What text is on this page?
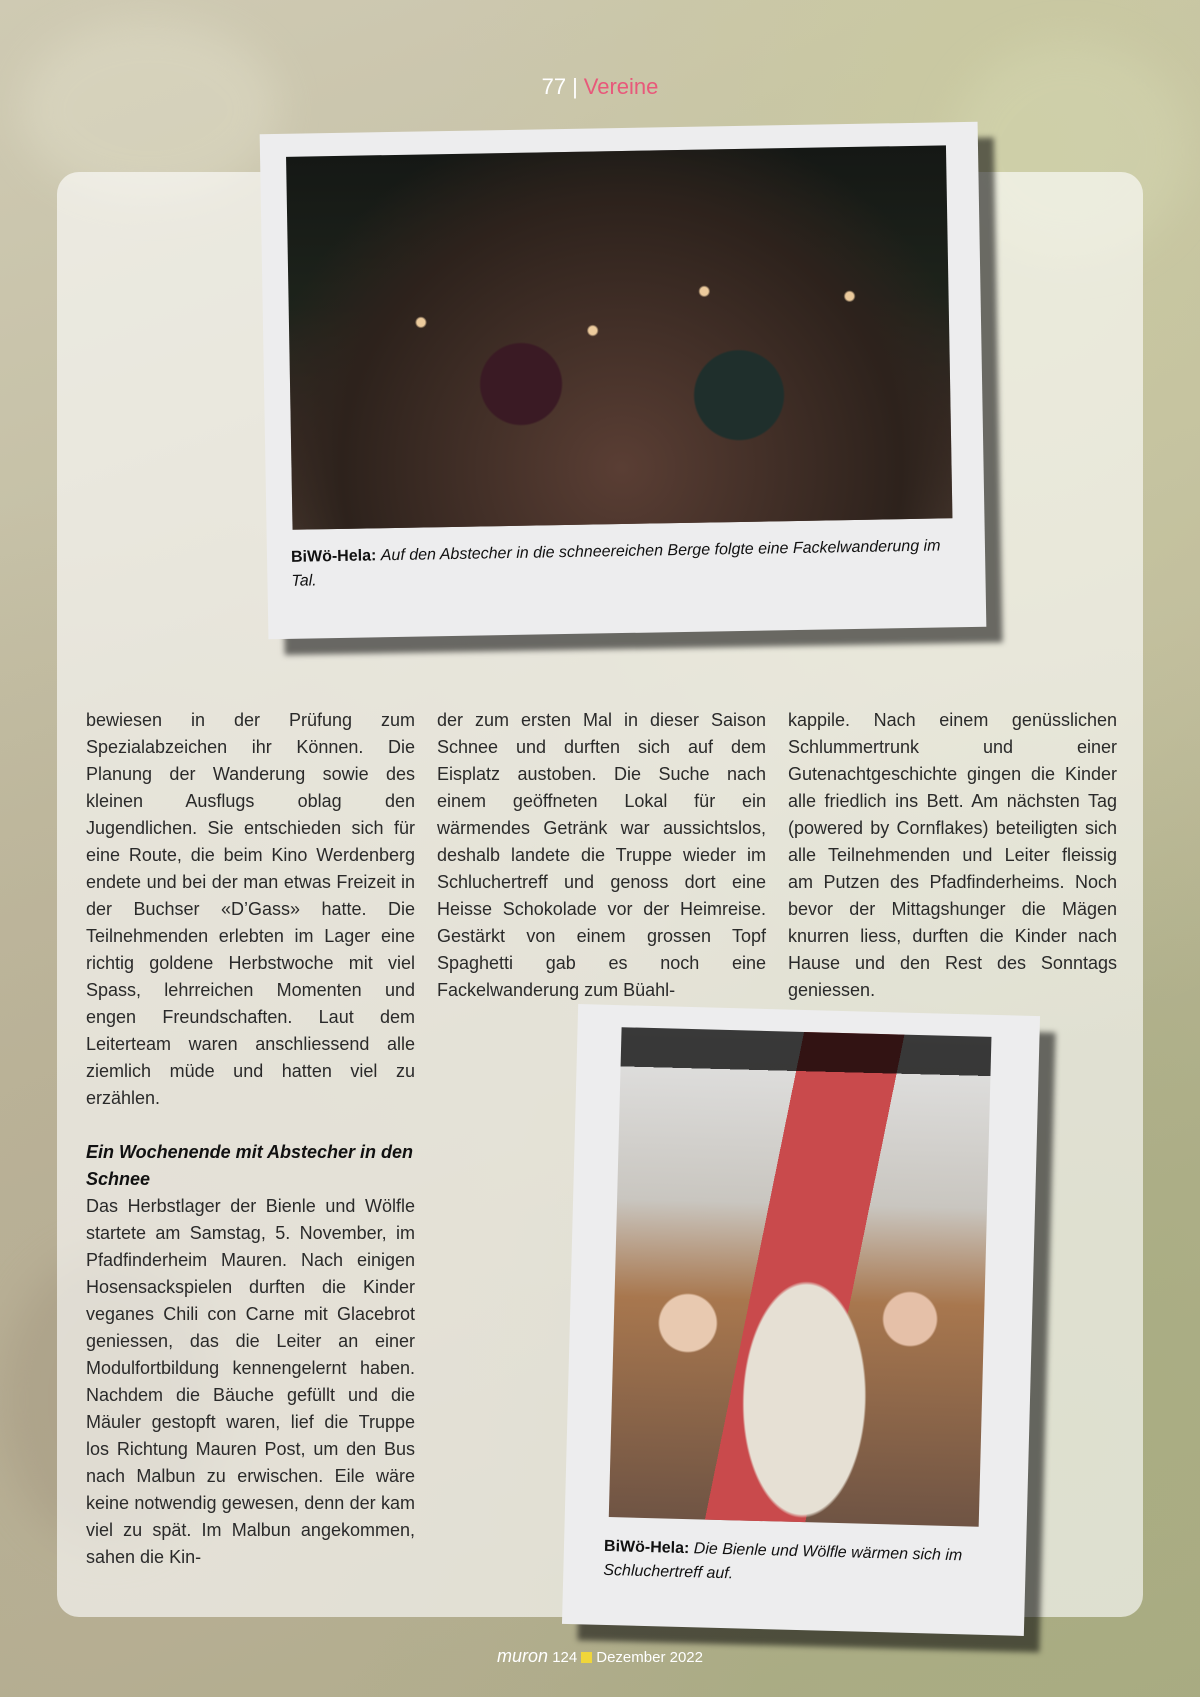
77 | Vereine
BiWö-Hela: Auf den Abstecher in die schneereichen Berge folgte eine Fackelwanderung im Tal.
bewiesen in der Prüfung zum Spezialabzeichen ihr Können. Die Planung der Wanderung sowie des kleinen Ausflugs oblag den Jugendlichen. Sie entschieden sich für eine Route, die beim Kino Werdenberg endete und bei der man etwas Freizeit in der Buchser «D’Gass» hatte. Die Teilnehmenden erlebten im Lager eine richtig goldene Herbstwoche mit viel Spass, lehrreichen Momenten und engen Freundschaften. Laut dem Leiterteam waren anschliessend alle ziemlich müde und hatten viel zu erzählen.
Ein Wochenende mit Abstecher in den Schnee
Das Herbstlager der Bienle und Wölfle startete am Samstag, 5. November, im Pfadfinderheim Mauren. Nach einigen Hosensackspielen durften die Kinder veganes Chili con Carne mit Glacebrot geniessen, das die Leiter an einer Modulfortbildung kennengelernt haben. Nachdem die Bäuche gefüllt und die Mäuler gestopft waren, lief die Truppe los Richtung Mauren Post, um den Bus nach Malbun zu erwischen. Eile wäre keine notwendig gewesen, denn der kam viel zu spät. Im Malbun angekommen, sahen die Kin-
der zum ersten Mal in dieser Saison Schnee und durften sich auf dem Eisplatz austoben. Die Suche nach einem geöffneten Lokal für ein wärmendes Getränk war aussichtslos, deshalb landete die Truppe wieder im Schluchertreff und genoss dort eine Heisse Schokolade vor der Heimreise. Gestärkt von einem grossen Topf Spaghetti gab es noch eine Fackelwanderung zum Büahl-
kappile. Nach einem genüsslichen Schlummertrunk und einer Gutenachtgeschichte gingen die Kinder alle friedlich ins Bett. Am nächsten Tag (powered by Cornflakes) beteiligten sich alle Teilnehmenden und Leiter fleissig am Putzen des Pfadfinderheims. Noch bevor der Mittagshunger die Mägen knurren liess, durften die Kinder nach Hause und den Rest des Sonntags geniessen.
BiWö-Hela: Die Bienle und Wölfle wärmen sich im Schluchertreff auf.
muron 124 Dezember 2022
